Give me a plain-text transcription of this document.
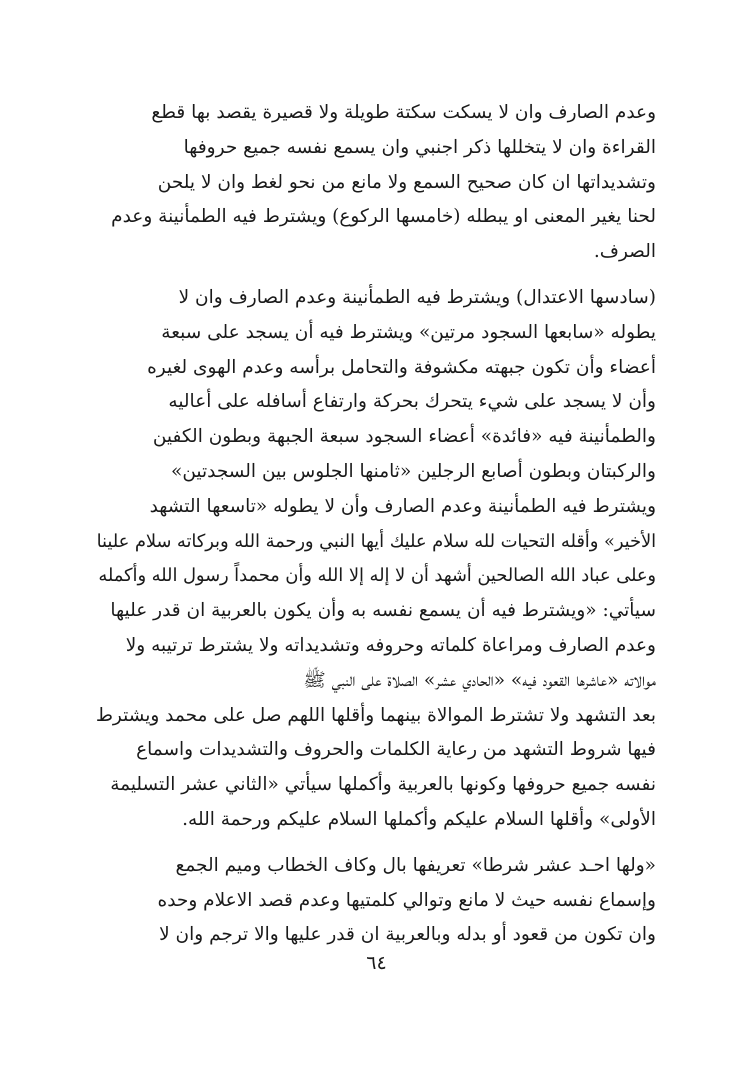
وعدم الصارف وان لا يسكت سكتة طويلة ولا قصيرة يقصد بها قطع
القراءة وان لا يتخللها ذكر اجنبي وان يسمع نفسه جميع حروفها
وتشديداتها ان كان صحيح السمع ولا مانع من نحو لغط وان لا يلحن
لحنا يغير المعنى او يبطله (خامسها الركوع) ويشترط فيه الطمأنينة وعدم
الصرف.

(سادسها الاعتدال) ويشترط فيه الطمأنينة وعدم الصارف وان لا
يطوله «سابعها السجود مرتين» ويشترط فيه أن يسجد على سبعة
أعضاء وأن تكون جبهته مكشوفة والتحامل برأسه وعدم الهوى لغيره
وأن لا يسجد على شيء يتحرك بحركة وارتفاع أسافله على أعاليه
والطمأنينة فيه «فائدة» أعضاء السجود سبعة الجبهة وبطون الكفين
والركبتان وبطون أصابع الرجلين «ثامنها الجلوس بين السجدتين»
ويشترط فيه الطمأنينة وعدم الصارف وأن لا يطوله «تاسعها التشهد
الأخير» وأقله التحيات لله سلام عليك أيها النبي ورحمة الله وبركاته سلام علينا
وعلى عباد الله الصالحين أشهد أن لا إله إلا الله وأن محمداً رسول الله وأكمله
سيأتي: «ويشترط فيه أن يسمع نفسه به وأن يكون بالعربية ان قدر عليها
وعدم الصارف ومراعاة كلماته وحروفه وتشديداته ولا يشترط ترتيبه ولا
موالاته «عاشرها القعود فيه» «الحادي عشر» الصلاة على النبي ﷺ
بعد التشهد ولا تشترط الموالاة بينهما وأقلها اللهم صل على محمد ويشترط
فيها شروط التشهد من رعاية الكلمات والحروف والتشديدات واسماع
نفسه جميع حروفها وكونها بالعربية وأكملها سيأتي «الثاني عشر التسليمة
الأولى» وأقلها السلام عليكم وأكملها السلام عليكم ورحمة الله.

«ولها احـد عشر شرطا» تعريفها بال وكاف الخطاب وميم الجمع
وإسماع نفسه حيث لا مانع وتوالي كلمتيها وعدم قصد الاعلام وحده
وان تكون من قعود أو بدله وبالعربية ان قدر عليها والا ترجم وان لا

٦٤
